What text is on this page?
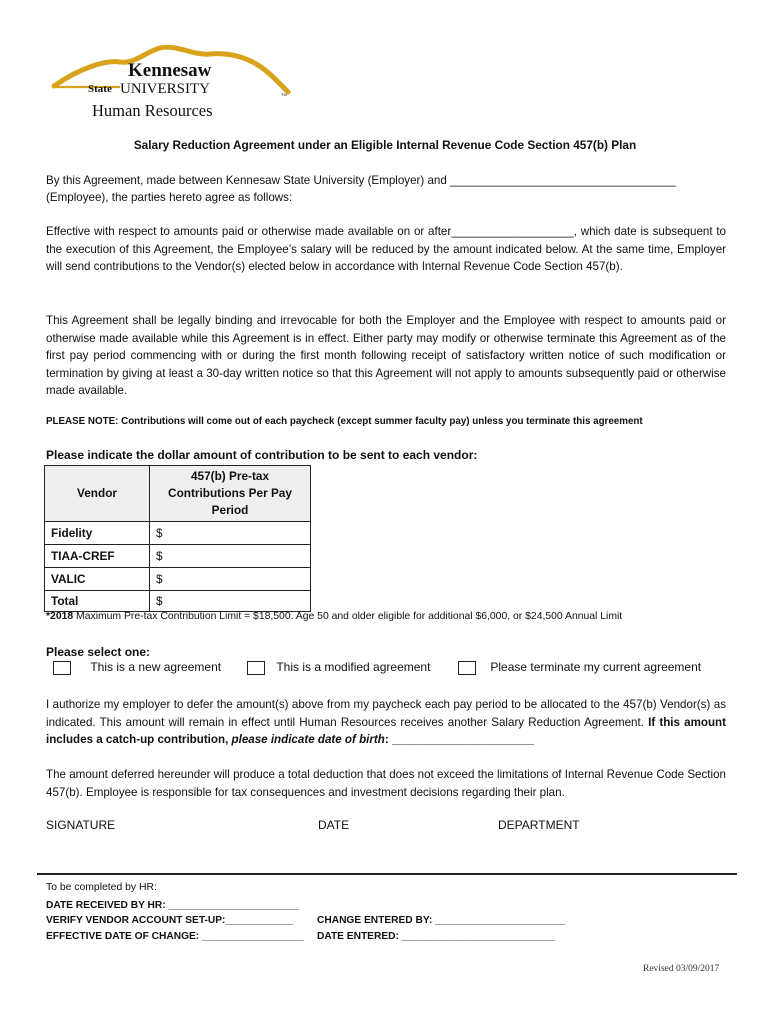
Kennesaw
State UNIVERSITY	TM
Human Resources
Salary Reduction Agreement under an Eligible Internal Revenue Code Section 457(b) Plan
By this Agreement, made between Kennesaw State University (Employer) and ___________________________________
(Employee), the parties hereto agree as follows:
Effective with respect to amounts paid or otherwise made available on or after___________________, which date is subsequent to the execution of this Agreement, the Employee’s salary will be reduced by the amount indicated below. At the same time, Employer will send contributions to the Vendor(s) elected below in accordance with Internal Revenue Code Section 457(b).
This Agreement shall be legally binding and irrevocable for both the Employer and the Employee with respect to amounts paid or otherwise made available while this Agreement is in effect. Either party may modify or otherwise terminate this Agreement as of the first pay period commencing with or during the first month following receipt of satisfactory written notice of such modification or termination by giving at least a 30-day written notice so that this Agreement will not apply to amounts subsequently paid or otherwise made available.
PLEASE NOTE: Contributions will come out of each paycheck (except summer faculty pay) unless you terminate this agreement
Please indicate the dollar amount of contribution to be sent to each vendor:
Vendor	457(b) Pre-tax Contributions Per Pay Period
Fidelity	$
TIAA-CREF	$
VALIC	$
Total	$
*2018 Maximum Pre-tax Contribution Limit = $18,500. Age 50 and older eligible for additional $6,000, or $24,500 Annual Limit
Please select one:
This is a new agreement	This is a modified agreement	Please terminate my current agreement
I authorize my employer to defer the amount(s) above from my paycheck each pay period to be allocated to the 457(b) Vendor(s) as indicated. This amount will remain in effect until Human Resources receives another Salary Reduction Agreement. If this amount includes a catch-up contribution, please indicate date of birth: ______________________
The amount deferred hereunder will produce a total deduction that does not exceed the limitations of Internal Revenue Code Section 457(b). Employee is responsible for tax consequences and investment decisions regarding their plan.
SIGNATURE	DATE	DEPARTMENT
To be completed by HR:
DATE RECEIVED BY HR: _______________________
VERIFY VENDOR ACCOUNT SET-UP:____________ CHANGE ENTERED BY: _______________________
EFFECTIVE DATE OF CHANGE: __________________ DATE ENTERED: ___________________________
Revised 03/09/2017
